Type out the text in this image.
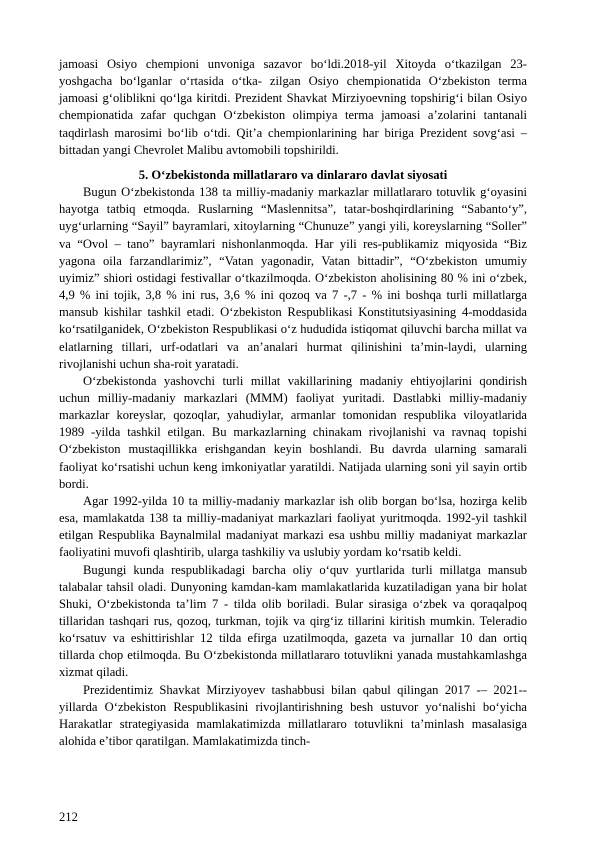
jamoasi Osiyo chempioni unvoniga sazavor bo‘ldi.2018-yil Xitoyda o‘tkazilgan 23-yoshgacha bo‘lganlar o‘rtasida o‘tka- zilgan Osiyo chempionatida O‘zbekiston terma jamoasi g‘oliblikni qo‘lga kiritdi. Prezident Shavkat Mirziyoevning topshirig‘i bilan Osiyo chempionatida zafar quchgan O‘zbekiston olimpiya terma jamoasi a’zolarini tantanali taqdirlash marosimi bo‘lib o‘tdi. Qit’a chempionlarining har biriga Prezident sovg‘asi – bittadan yangi Chevrolet Malibu avtomobili topshirildi.

5. O‘zbekistonda millatlararo va dinlararo davlat siyosati

Bugun O‘zbekistonda 138 ta milliy-madaniy markazlar millatlararo totuvlik g‘oyasini hayotga tatbiq etmoqda. Ruslarning “Maslennitsa”, tatar-boshqirdlarining “Sabanto‘y”, uyg‘urlarning “Sayil” bayramlari, xitoylarning “Chunuze” yangi yili, koreyslarning “Soller” va “Ovol – tano” bayramlari nishonlanmoqda. Har yili res-publikamiz miqyosida “Biz yagona oila farzandlarimiz”, “Vatan yagonadir, Vatan bittadir”, “O‘zbekiston umumiy uyimiz” shiori ostidagi festivallar o‘tkazilmoqda. O‘zbekiston aholisining 80 % ini o‘zbek, 4,9 % ini tojik, 3,8 % ini rus, 3,6 % ini qozoq va 7 -,7 - % ini boshqa turli millatlarga mansub kishilar tashkil etadi. O‘zbekiston Respublikasi Konstitutsiyasining 4-moddasida ko‘rsatilganidek, O‘zbekiston Respublikasi o‘z hududida istiqomat qiluvchi barcha millat va elatlarning tillari, urf-odatlari va an’analari hurmat qilinishini ta’min-laydi, ularning rivojlanishi uchun sha-roit yaratadi.

O‘zbekistonda yashovchi turli millat vakillarining madaniy ehtiyojlarini qondirish uchun milliy-madaniy markazlari (MMM) faoliyat yuritadi. Dastlabki milliy-madaniy markazlar koreyslar, qozoqlar, yahudiylar, armanlar tomonidan respublika viloyatlarida 1989 -yilda tashkil etilgan. Bu markazlarning chinakam rivojlanishi va ravnaq topishi O‘zbekiston mustaqillikka erishgandan keyin boshlandi. Bu davrda ularning samarali faoliyat ko‘rsatishi uchun keng imkoniyatlar yaratildi. Natijada ularning soni yil sayin ortib bordi.

Agar 1992-yilda 10 ta milliy-madaniy markazlar ish olib borgan bo‘lsa, hozirga kelib esa, mamlakatda 138 ta milliy-madaniyat markazlari faoliyat yuritmoqda. 1992-yil tashkil etilgan Respublika Baynalmilal madaniyat markazi esa ushbu milliy madaniyat markazlar faoliyatini muvofi qlashtirib, ularga tashkiliy va uslubiy yordam ko‘rsatib keldi.

Bugungi kunda respublikadagi barcha oliy o‘quv yurtlarida turli millatga mansub talabalar tahsil oladi. Dunyoning kamdan-kam mamlakatlarida kuzatiladigan yana bir holat Shuki, O‘zbekistonda ta’lim 7 - tilda olib boriladi. Bular sirasiga o‘zbek va qoraqalpoq tillaridan tashqari rus, qozoq, turkman, tojik va qirg‘iz tillarini kiritish mumkin. Teleradio ko‘rsatuv va eshittirishlar 12 tilda efirga uzatilmoqda, gazeta va jurnallar 10 dan ortiq tillarda chop etilmoqda. Bu O‘zbekistonda millatlararo totuvlikni yanada mustahkamlashga xizmat qiladi.

Prezidentimiz Shavkat Mirziyoyev tashabbusi bilan qabul qilingan 2017 -– 2021--yillarda O‘zbekiston Respublikasini rivojlantirishning besh ustuvor yo‘nalishi bo‘yicha Harakatlar strategiyasida mamlakatimizda millatlararo totuvlikni ta’minlash masalasiga alohida e’tibor qaratilgan. Mamlakatimizda tinch-

212
